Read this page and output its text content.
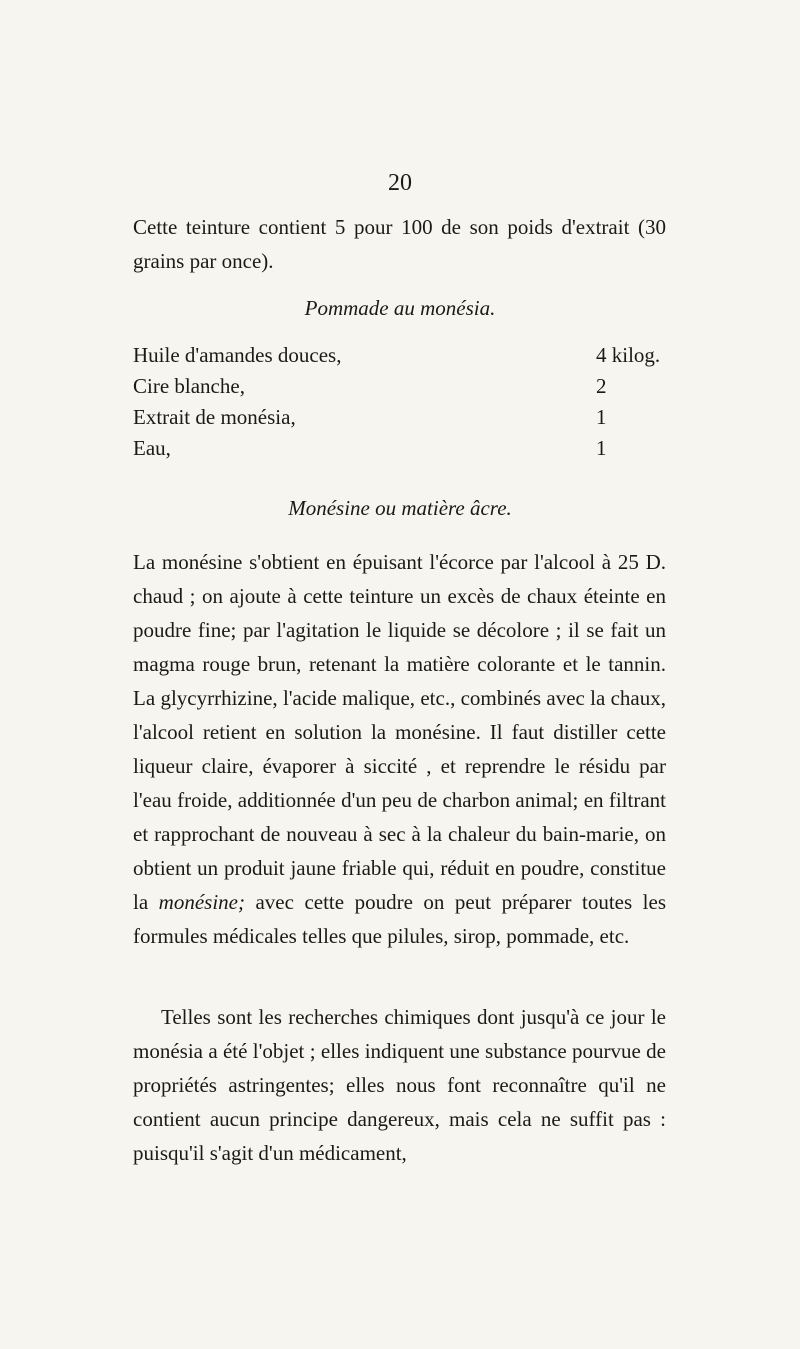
20

Cette teinture contient 5 pour 100 de son poids d'extrait (30 grains par once).

Pommade au monésia.

Huile d'amandes douces,	4 kilog.
Cire blanche,	2
Extrait de monésia,	1
Eau,	1

Monésine ou matière âcre.

La monésine s'obtient en épuisant l'écorce par l'alcool à 25 D. chaud ; on ajoute à cette teinture un excès de chaux éteinte en poudre fine; par l'agitation le liquide se décolore ; il se fait un magma rouge brun, retenant la matière colorante et le tannin. La glycyrrhizine, l'acide malique, etc., combinés avec la chaux, l'alcool retient en solution la monésine. Il faut distiller cette liqueur claire, évaporer à siccité , et reprendre le résidu par l'eau froide, additionnée d'un peu de charbon animal; en filtrant et rapprochant de nouveau à sec à la chaleur du bain-marie, on obtient un produit jaune friable qui, réduit en poudre, constitue la monésine; avec cette poudre on peut préparer toutes les formules médicales telles que pilules, sirop, pommade, etc.

Telles sont les recherches chimiques dont jusqu'à ce jour le monésia a été l'objet ; elles indiquent une substance pourvue de propriétés astringentes; elles nous font reconnaître qu'il ne contient aucun principe dangereux, mais cela ne suffit pas : puisqu'il s'agit d'un médicament,
